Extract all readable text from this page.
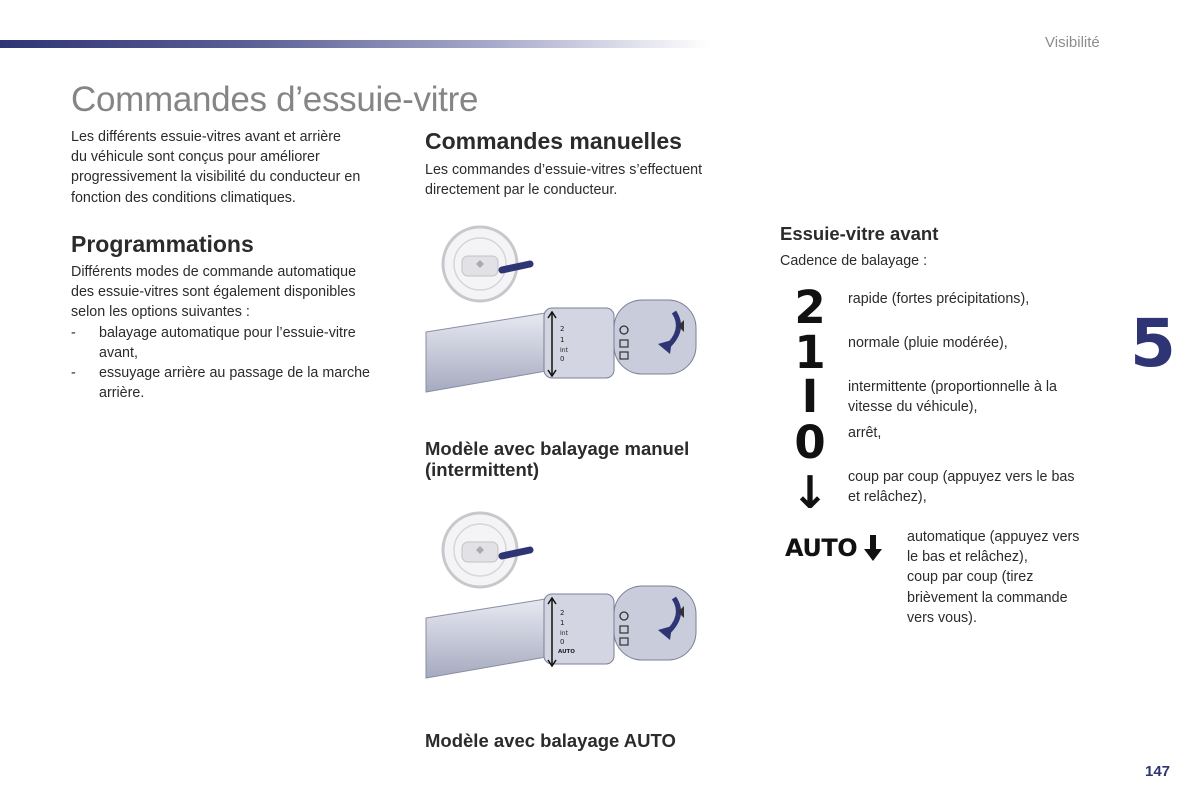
Visibilité
Commandes d’essuie-vitre
Les différents essuie-vitres avant et arrière
du véhicule sont conçus pour améliorer
progressivement la visibilité du conducteur en
fonction des conditions climatiques.
Programmations
Différents modes de commande automatique
des essuie-vitres sont également disponibles
selon les options suivantes :
- balayage automatique pour l’essuie-vitre
avant,
- essuyage arrière au passage de la marche
arrière.
Commandes manuelles
Les commandes d’essuie-vitres s’effectuent
directement par le conducteur.
2
1
Int
0
Modèle avec balayage manuel
(intermittent)
2
1
Int
0
AUTO
Modèle avec balayage AUTO
Essuie-vitre avant
Cadence de balayage :
2	rapide (fortes précipitations),
1	normale (pluie modérée),
I	intermittente (proportionnelle à la
vitesse du véhicule),
0	arrêt,
↓	coup par coup (appuyez vers le bas
et relâchez),
AUTO	automatique (appuyez vers
le bas et relâchez),
coup par coup (tirez
brièvement la commande
vers vous).
5
147
